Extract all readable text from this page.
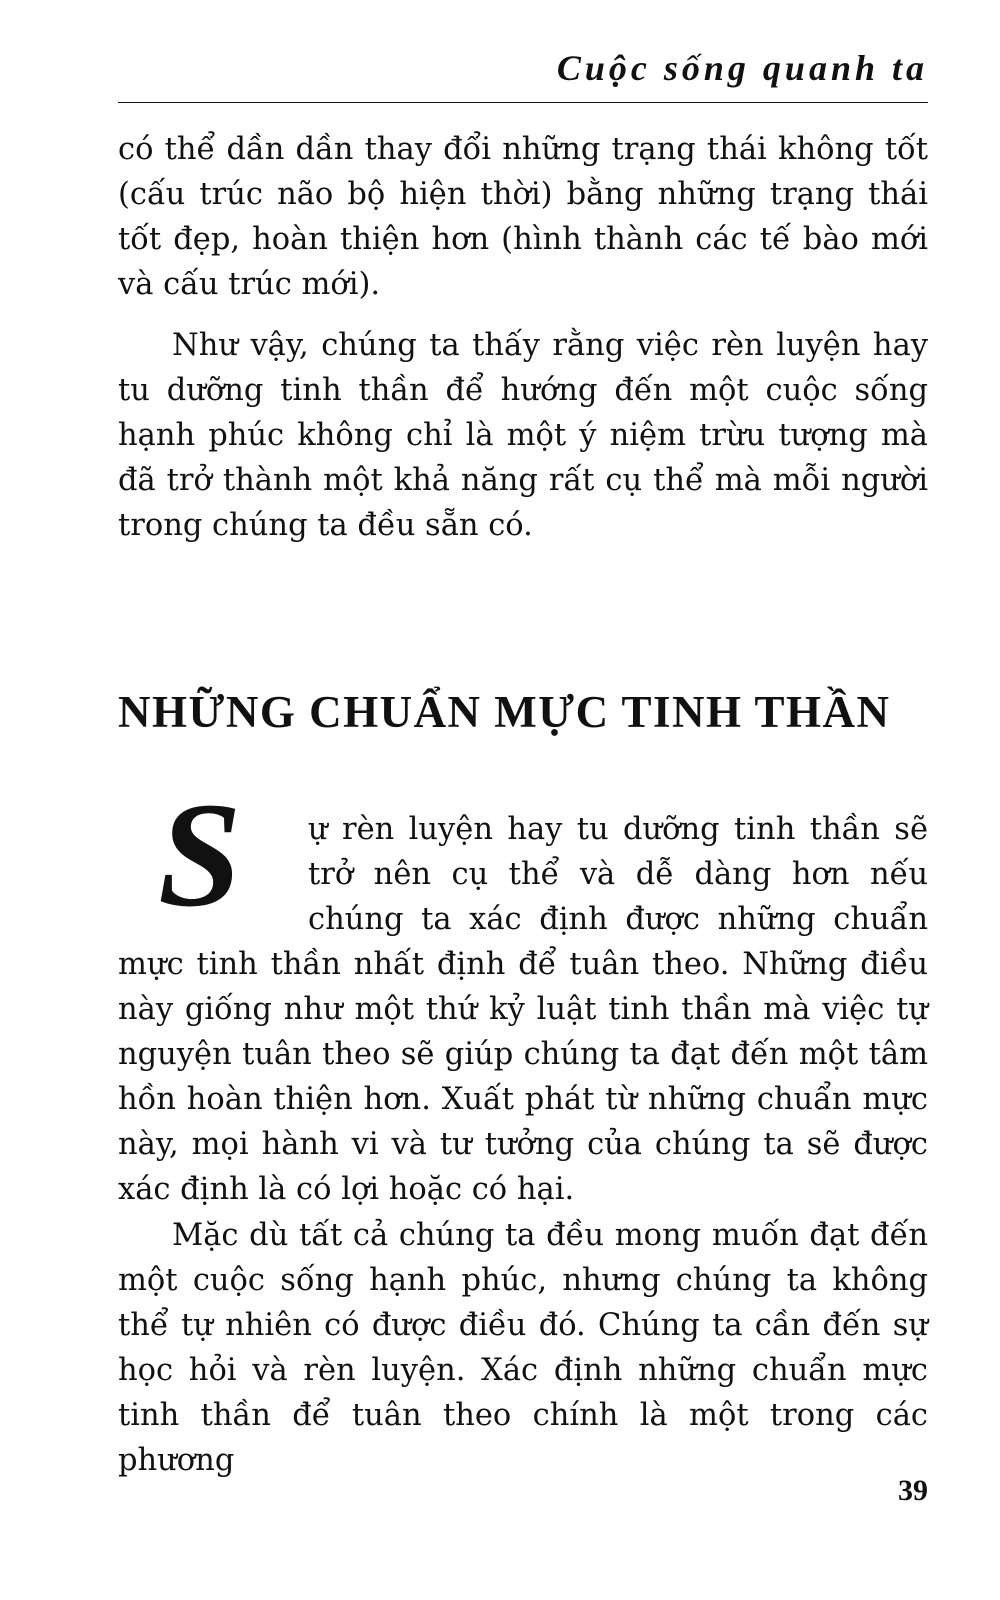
Cuộc sống quanh ta

có thể dần dần thay đổi những trạng thái không tốt (cấu trúc não bộ hiện thời) bằng những trạng thái tốt đẹp, hoàn thiện hơn (hình thành các tế bào mới và cấu trúc mới).

Như vậy, chúng ta thấy rằng việc rèn luyện hay tu dưỡng tinh thần để hướng đến một cuộc sống hạnh phúc không chỉ là một ý niệm trừu tượng mà đã trở thành một khả năng rất cụ thể mà mỗi người trong chúng ta đều sẵn có.

NHỮNG CHUẨN MỰC TINH THẦN

S	ự rèn luyện hay tu dưỡng tinh thần sẽ trở nên cụ thể và dễ dàng hơn nếu chúng ta xác định được những chuẩn mực tinh thần nhất định để tuân theo. Những điều này giống như một thứ kỷ luật tinh thần mà việc tự nguyện tuân theo sẽ giúp chúng ta đạt đến một tâm hồn hoàn thiện hơn. Xuất phát từ những chuẩn mực này, mọi hành vi và tư tưởng của chúng ta sẽ được xác định là có lợi hoặc có hại.

Mặc dù tất cả chúng ta đều mong muốn đạt đến một cuộc sống hạnh phúc, nhưng chúng ta không thể tự nhiên có được điều đó. Chúng ta cần đến sự học hỏi và rèn luyện. Xác định những chuẩn mực tinh thần để tuân theo chính là một trong các phương

39
